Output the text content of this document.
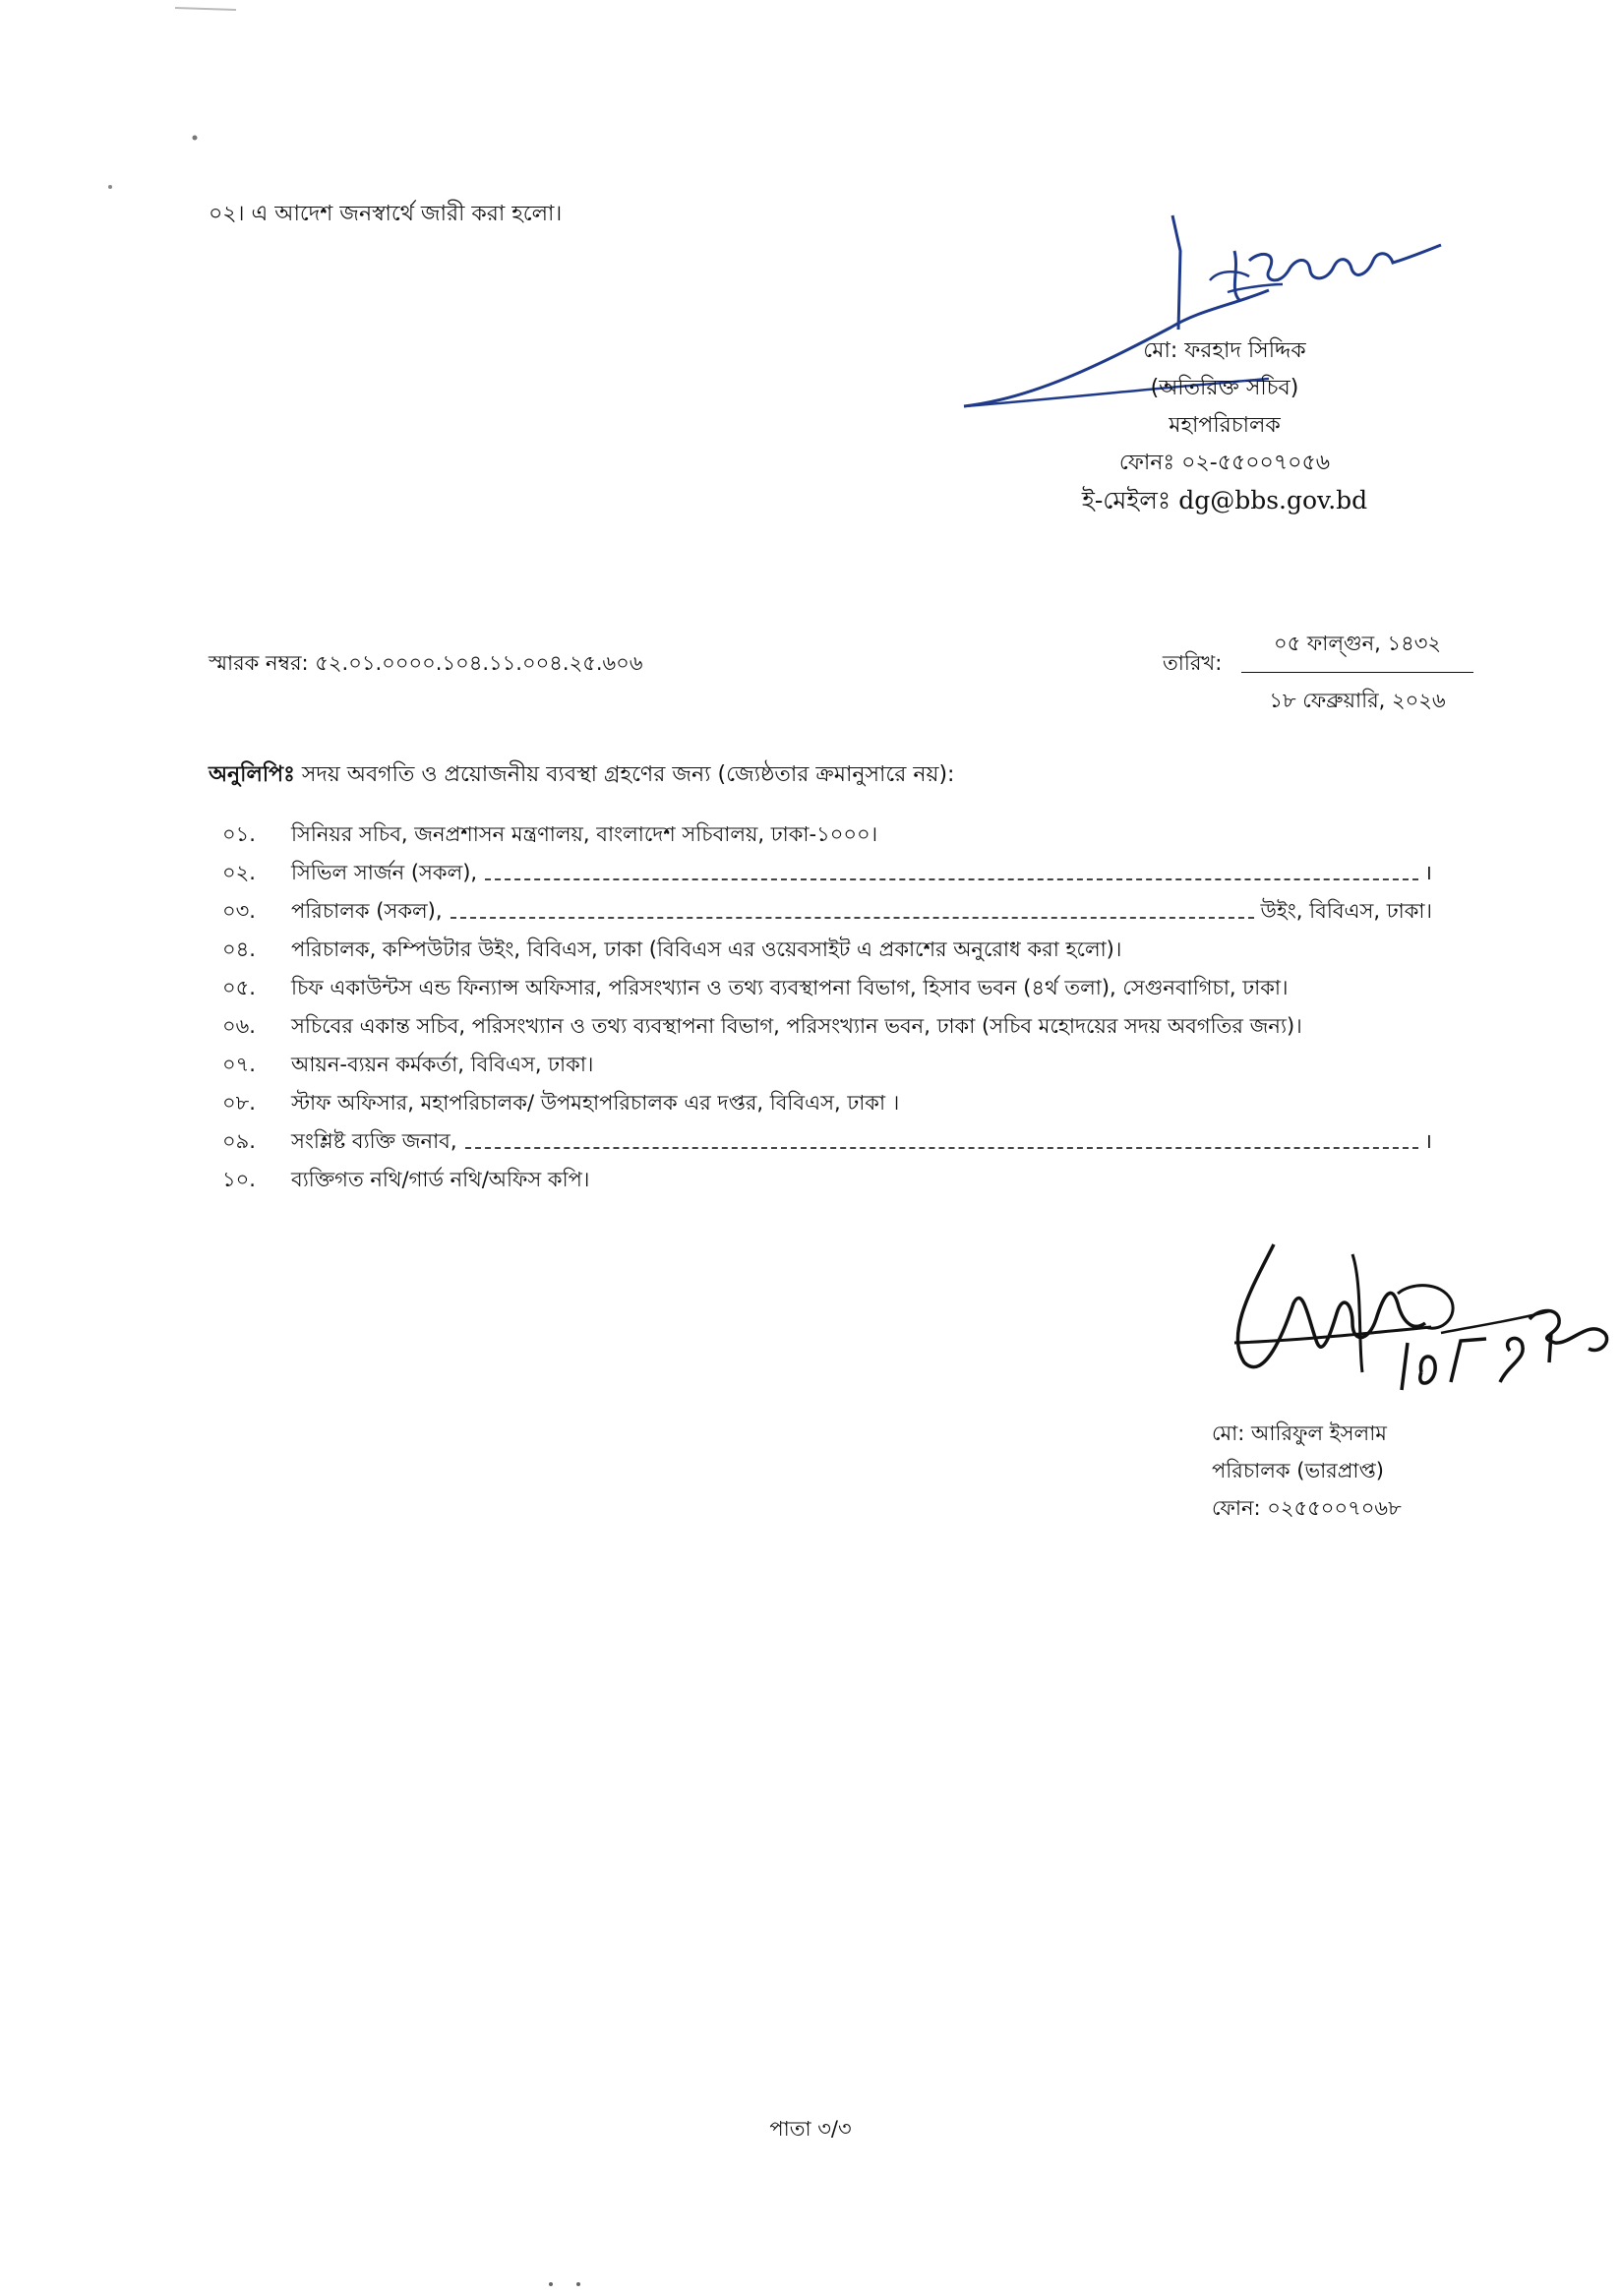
০২। এ আদেশ জনস্বার্থে জারী করা হলো।
মো: ফরহাদ সিদ্দিক
(অতিরিক্ত সচিব)
মহাপরিচালক
ফোনঃ ০২-৫৫০০৭০৫৬
ই-মেইলঃ dg@bbs.gov.bd
স্মারক নম্বর: ৫২.০১.০০০০.১০৪.১১.০০৪.২৫.৬০৬	তারিখ:
০৫ ফাল্গুন, ১৪৩২
১৮ ফেব্রুয়ারি, ২০২৬
অনুলিপিঃ সদয় অবগতি ও প্রয়োজনীয় ব্যবস্থা গ্রহণের জন্য (জ্যেষ্ঠতার ক্রমানুসারে নয়):
০১.	সিনিয়র সচিব, জনপ্রশাসন মন্ত্রণালয়, বাংলাদেশ সচিবালয়, ঢাকা-১০০০।
০২.	সিভিল সার্জন (সকল),	।
০৩.	পরিচালক (সকল),	উইং, বিবিএস, ঢাকা।
০৪.	পরিচালক, কম্পিউটার উইং, বিবিএস, ঢাকা (বিবিএস এর ওয়েবসাইট এ প্রকাশের অনুরোধ করা হলো)।
০৫.	চিফ একাউন্টস এন্ড ফিন্যান্স অফিসার, পরিসংখ্যান ও তথ্য ব্যবস্থাপনা বিভাগ, হিসাব ভবন (৪র্থ তলা), সেগুনবাগিচা, ঢাকা।
০৬.	সচিবের একান্ত সচিব, পরিসংখ্যান ও তথ্য ব্যবস্থাপনা বিভাগ, পরিসংখ্যান ভবন, ঢাকা (সচিব মহোদয়ের সদয় অবগতির জন্য)।
০৭.	আয়ন-ব্যয়ন কর্মকর্তা, বিবিএস, ঢাকা।
০৮.	স্টাফ অফিসার, মহাপরিচালক/ উপমহাপরিচালক এর দপ্তর, বিবিএস, ঢাকা ।
০৯.	সংশ্লিষ্ট ব্যক্তি জনাব,	।
১০.	ব্যক্তিগত নথি/গার্ড নথি/অফিস কপি।
মো: আরিফুল ইসলাম
পরিচালক (ভারপ্রাপ্ত)
ফোন: ০২৫৫০০৭০৬৮
পাতা ৩/৩
